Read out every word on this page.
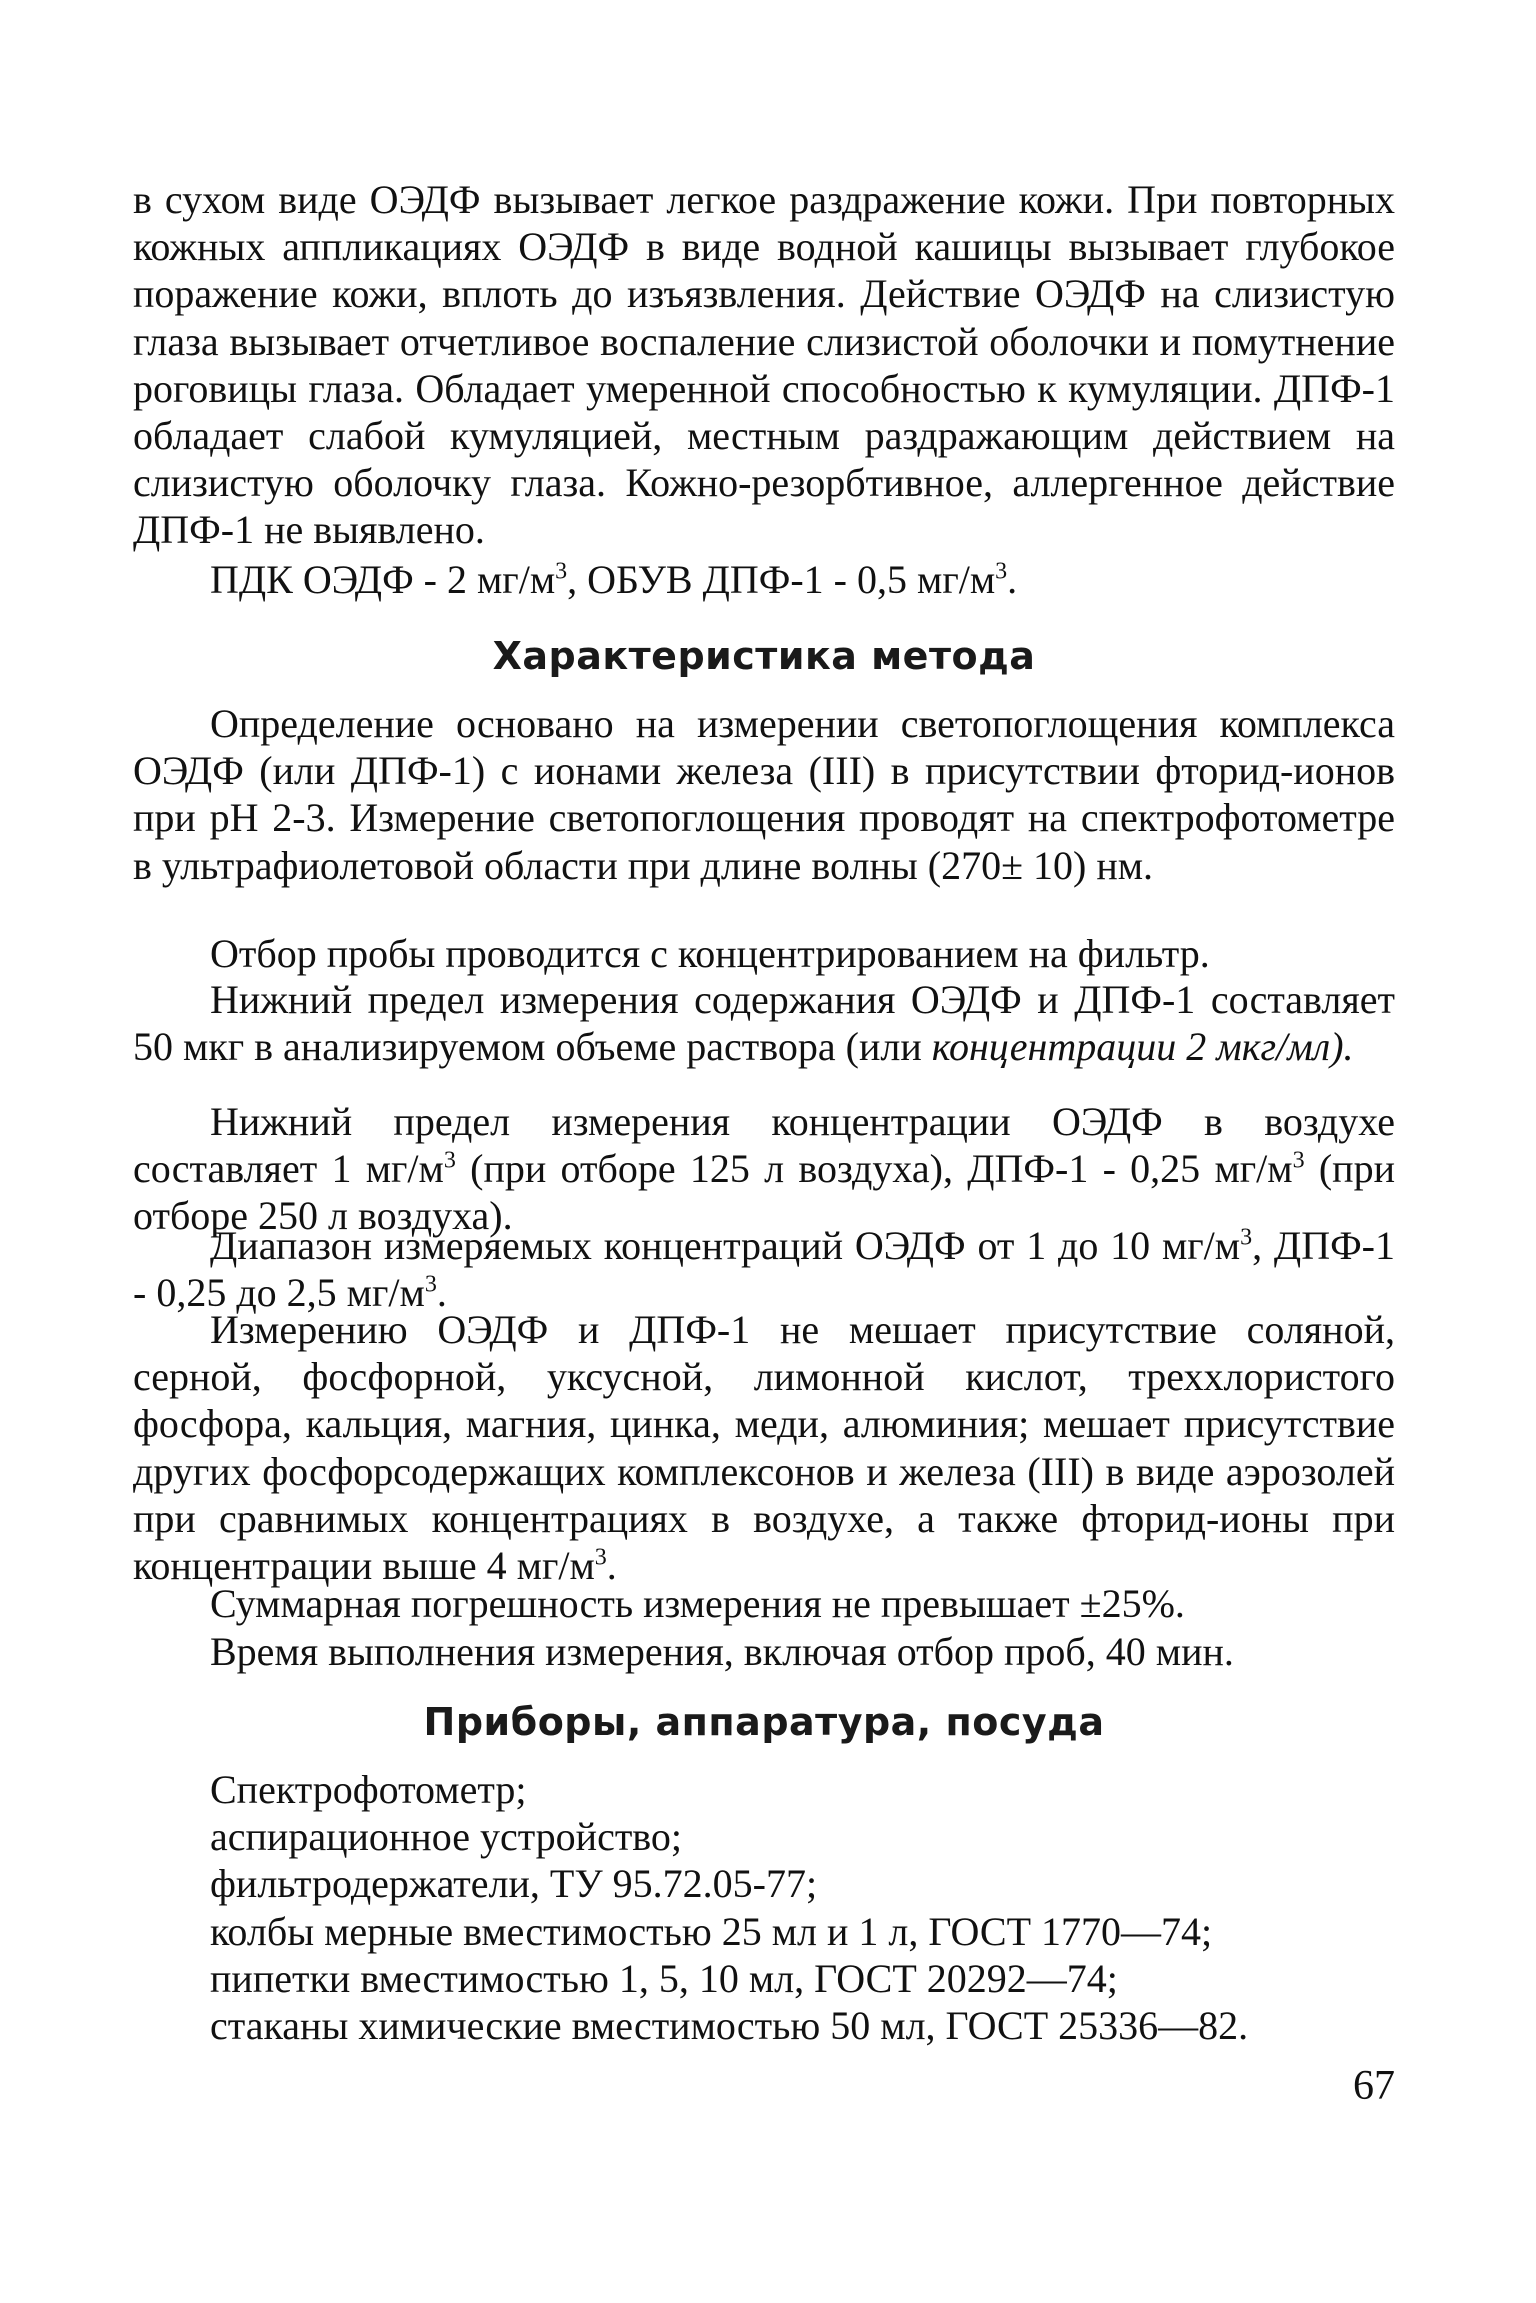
в сухом виде ОЭДФ вызывает легкое раздражение кожи. При повторных кожных аппликациях ОЭДФ в виде водной кашицы вызывает глубокое поражение кожи, вплоть до изъязвления. Действие ОЭДФ на слизистую глаза вызывает отчетливое воспаление слизистой оболочки и помутнение роговицы глаза. Обладает умеренной способностью к кумуляции. ДПФ-1 обладает слабой кумуляцией, местным раздражающим действием на слизистую оболочку глаза. Кожно-резорбтивное, аллергенное действие ДПФ-1 не выявлено.

ПДК ОЭДФ - 2 $мг/м^3$, ОБУВ ДПФ-1 - 0,5 $мг/м^3$.

Характеристика метода

Определение основано на измерении светопоглощения комплекса ОЭДФ (или ДПФ-1) с ионами железа (III) в присутствии фторид-ионов при pH 2-3. Измерение светопоглощения проводят на спектрофотометре в ультрафиолетовой области при длине волны (270± 10) нм.

Отбор пробы проводится с концентрированием на фильтр.

Нижний предел измерения содержания ОЭДФ и ДПФ-1 составляет 50 мкг в анализируемом объеме раствора (или концентрации 2 мкг/мл).

Нижний предел измерения концентрации ОЭДФ в воздухе составляет 1 $мг/м^3$ (при отборе 125 л воздуха), ДПФ-1 - 0,25 $мг/м^3$ (при отборе 250 л воздуха).

Диапазон измеряемых концентраций ОЭДФ от 1 до 10 $мг/м^3$, ДПФ-1 - 0,25 до 2,5 $мг/м^3$.

Измерению ОЭДФ и ДПФ-1 не мешает присутствие соляной, серной, фосфорной, уксусной, лимонной кислот, треххлористого фосфора, кальция, магния, цинка, меди, алюминия; мешает присутствие других фосфорсодержащих комплексонов и железа (III) в виде аэрозолей при сравнимых концентрациях в воздухе, а также фторид-ионы при концентрации выше 4 $мг/м^3$.

Суммарная погрешность измерения не превышает ±25%.

Время выполнения измерения, включая отбор проб, 40 мин.

Приборы, аппаратура, посуда
Спектрофотометр;
аспирационное устройство;
фильтродержатели, ТУ 95.72.05-77;
колбы мерные вместимостью 25 мл и 1 л, ГОСТ 1770—74;
пипетки вместимостью 1, 5, 10 мл, ГОСТ 20292—74;
стаканы химические вместимостью 50 мл, ГОСТ 25336—82.
67
